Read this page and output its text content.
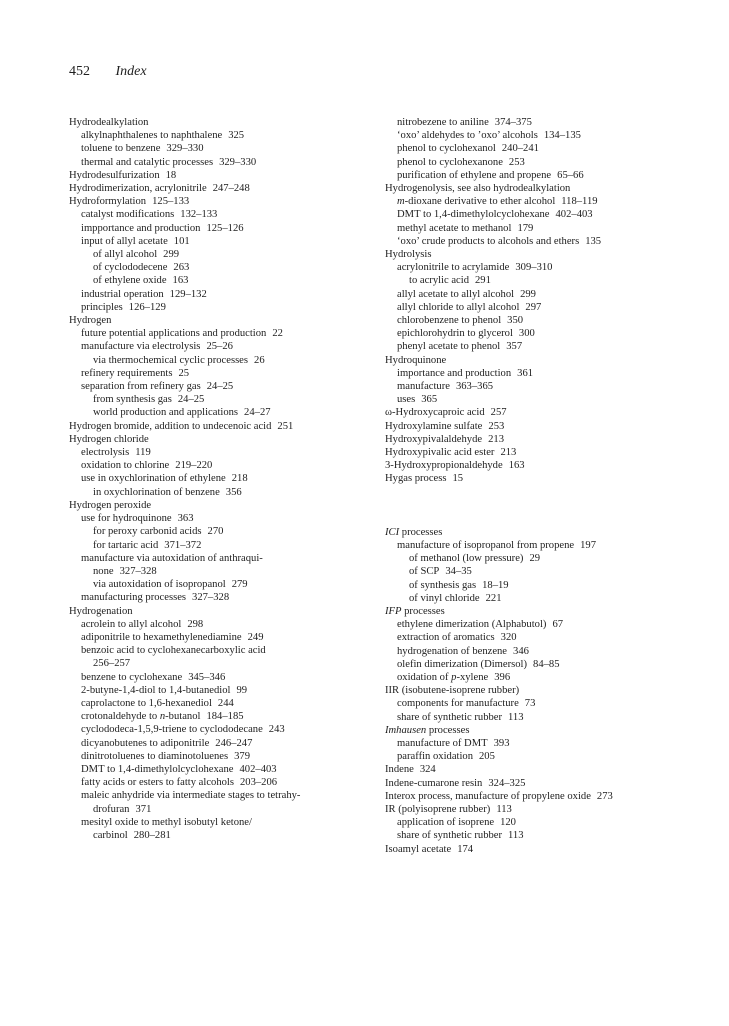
452 Index
Hydrodealkylation
alkylnaphthalenes to naphthalene 325
toluene to benzene 329–330
thermal and catalytic processes 329–330
Hydrodesulfurization 18
Hydrodimerization, acrylonitrile 247–248
Hydroformylation 125–133
catalyst modifications 132–133
impportance and production 125–126
input of allyl acetate 101
of allyl alcohol 299
of cyclododecene 263
of ethylene oxide 163
industrial operation 129–132
principles 126–129
Hydrogen
future potential applications and production 22
manufacture via electrolysis 25–26
via thermochemical cyclic processes 26
refinery requirements 25
separation from refinery gas 24–25
from synthesis gas 24–25
world production and applications 24–27
Hydrogen bromide, addition to undecenoic acid 251
Hydrogen chloride
electrolysis 119
oxidation to chlorine 219–220
use in oxychlorination of ethylene 218
in oxychlorination of benzene 356
Hydrogen peroxide
use for hydroquinone 363
for peroxy carbonid acids 270
for tartaric acid 371–372
manufacture via autoxidation of anthraqui-
none 327–328
via autoxidation of isopropanol 279
manufacturing processes 327–328
Hydrogenation
acrolein to allyl alcohol 298
adiponitrile to hexamethylenediamine 249
benzoic acid to cyclohexanecarboxylic acid
256–257
benzene to cyclohexane 345–346
2-butyne-1,4-diol to 1,4-butanediol 99
caprolactone to 1,6-hexanediol 244
crotonaldehyde to n-butanol 184–185
cyclododeca-1,5,9-triene to cyclododecane 243
dicyanobutenes to adiponitrile 246–247
dinitrotoluenes to diaminotoluenes 379
DMT to 1,4-dimethylolcyclohexane 402–403
fatty acids or esters to fatty alcohols 203–206
maleic anhydride via intermediate stages to tetrahy-
drofuran 371
mesityl oxide to methyl isobutyl ketone/
carbinol 280–281
nitrobezene to aniline 374–375
‘oxo’ aldehydes to ’oxo’ alcohols 134–135
phenol to cyclohexanol 240–241
phenol to cyclohexanone 253
purification of ethylene and propene 65–66
Hydrogenolysis, see also hydrodealkylation
m-dioxane derivative to ether alcohol 118–119
DMT to 1,4-dimethylolcyclohexane 402–403
methyl acetate to methanol 179
‘oxo’ crude products to alcohols and ethers 135
Hydrolysis
acrylonitrile to acrylamide 309–310
to acrylic acid 291
allyl acetate to allyl alcohol 299
allyl chloride to allyl alcohol 297
chlorobenzene to phenol 350
epichlorohydrin to glycerol 300
phenyl acetate to phenol 357
Hydroquinone
importance and production 361
manufacture 363–365
uses 365
ω-Hydroxycaproic acid 257
Hydroxylamine sulfate 253
Hydroxypivalaldehyde 213
Hydroxypivalic acid ester 213
3-Hydroxypropionaldehyde 163
Hygas process 15
ICI processes
manufacture of isopropanol from propene 197
of methanol (low pressure) 29
of SCP 34–35
of synthesis gas 18–19
of vinyl chloride 221
IFP processes
ethylene dimerization (Alphabutol) 67
extraction of aromatics 320
hydrogenation of benzene 346
olefin dimerization (Dimersol) 84–85
oxidation of p-xylene 396
IIR (isobutene-isoprene rubber)
components for manufacture 73
share of synthetic rubber 113
Imhausen processes
manufacture of DMT 393
paraffin oxidation 205
Indene 324
Indene-cumarone resin 324–325
Interox process, manufacture of propylene oxide 273
IR (polyisoprene rubber) 113
application of isoprene 120
share of synthetic rubber 113
Isoamyl acetate 174
